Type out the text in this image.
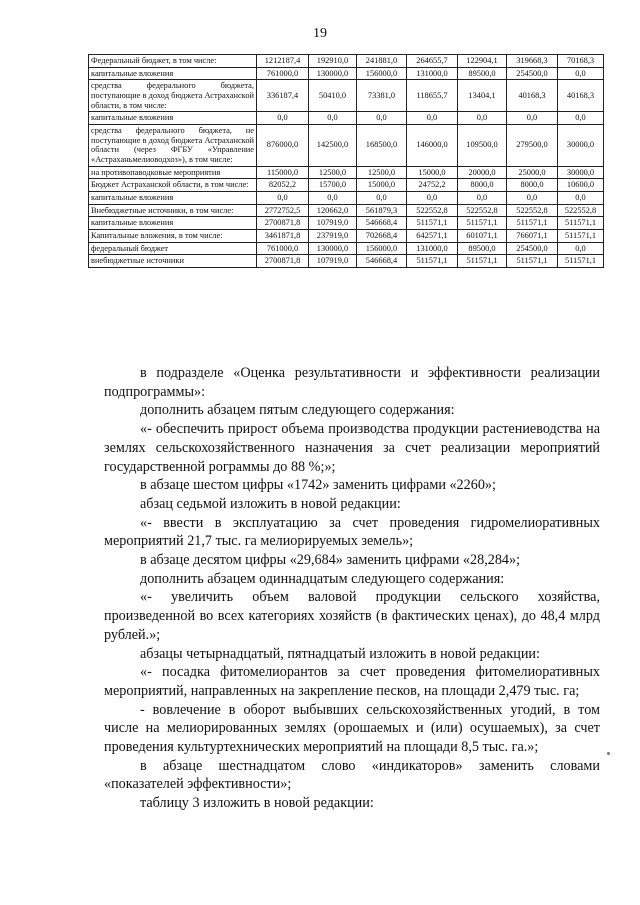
19
Федеральный бюджет, в том числе:	1212187,4	192910,0	241881,0	264655,7	122904,1	319668,3	70168,3
капитальные вложения	761000,0	130000,0	156000,0	131000,0	89500,0	254500,0	0,0
средства федерального бюджета, поступающие в доход бюджета Астраханской области, в том числе:	336187,4	50410,0	73381,0	118655,7	13404,1	40168,3	40168,3
капитальные вложения	0,0	0,0	0,0	0,0	0,0	0,0	0,0
средства федерального бюджета, не поступающие в доход бюджета Астраханской области (через ФГБУ «Управление «Астраханьмелиоводхоз»), в том числе:	876000,0	142500,0	168500,0	146000,0	109500,0	279500,0	30000,0
на противопаводковые мероприятия	115000,0	12500,0	12500,0	15000,0	20000,0	25000,0	30000,0
Бюджет Астраханской области, в том числе:	82052,2	15700,0	15000,0	24752,2	8000,0	8000,0	10600,0
капитальные вложения	0,0	0,0	0,0	0,0	0,0	0,0	0,0
Внебюджетные источники, в том числе:	2772752,5	120662,0	561879,3	522552,8	522552,8	522552,8	522552,8
капитальные вложения	2700871,8	107919,0	546668,4	511571,1	511571,1	511571,1	511571,1
Капитальные вложения, в том числе:	3461871,8	237919,0	702668,4	642571,1	601071,1	766071,1	511571,1
федеральный бюджет	761000,0	130000,0	156000,0	131000,0	89500,0	254500,0	0,0
внебюджетные источники	2700871,8	107919,0	546668,4	511571,1	511571,1	511571,1	511571,1

в подразделе «Оценка результативности и эффективности реализации подпрограммы»:

дополнить абзацем пятым следующего содержания:

«- обеспечить прирост объема производства продукции растениеводства на землях сельскохозяйственного назначения за счет реализации мероприятий государственной рограммы до 88 %;»;

в абзаце шестом цифры «1742» заменить цифрами «2260»;

абзац седьмой изложить в новой редакции:

«- ввести в эксплуатацию за счет проведения гидромелиоративных мероприятий 21,7 тыс. га мелиорируемых земель»;

в абзаце десятом цифры «29,684» заменить цифрами «28,284»;

дополнить абзацем одиннадцатым следующего содержания:

«- увеличить объем валовой продукции сельского хозяйства, произведенной во всех категориях хозяйств (в фактических ценах), до 48,4 млрд рублей.»;

абзацы четырнадцатый, пятнадцатый изложить в новой редакции:

«- посадка фитомелиорантов за счет проведения фитомелиоративных мероприятий, направленных на закрепление песков, на площади 2,479 тыс. га;

- вовлечение в оборот выбывших сельскохозяйственных угодий, в том числе на мелиорированных землях (орошаемых и (или) осушаемых), за счет проведения культуртехнических мероприятий на площади 8,5 тыс. га.»;

в абзаце шестнадцатом слово «индикаторов» заменить словами «показателей эффективности»;

таблицу 3 изложить в новой редакции:
